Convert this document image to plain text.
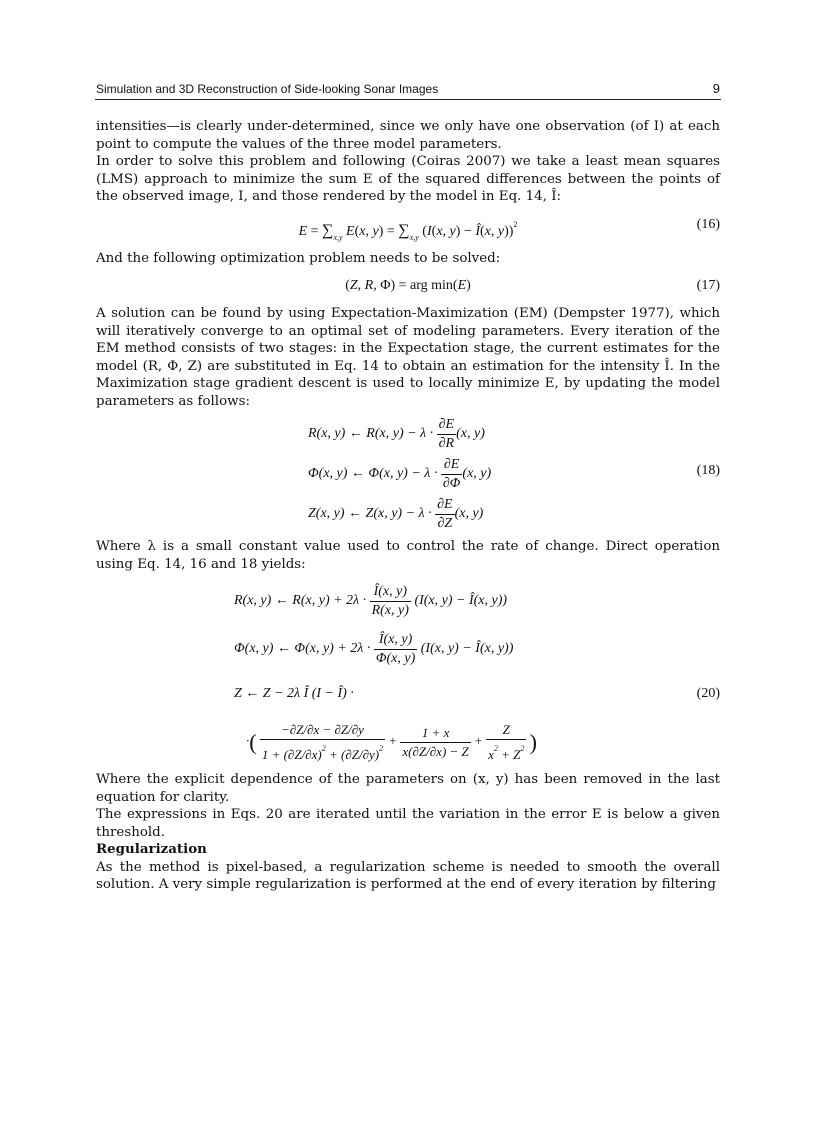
Simulation and 3D Reconstruction of Side-looking Sonar Images	9

intensities—is clearly under-determined, since we only have one observation (of I) at each point to compute the values of the three model parameters.

In order to solve this problem and following (Coiras 2007) we take a least mean squares (LMS) approach to minimize the sum E of the squared differences between the points of the observed image, I, and those rendered by the model in Eq. 14, Î:

$E = \sum_{x,y}$ E(x, $y) = \sum_{x,y}$ (I(x, y) − Î(x, y))$^2$	(16)

And the following optimization problem needs to be solved:

(Z, R, Φ) = arg min(E)	(17)

A solution can be found by using Expectation-Maximization (EM) (Dempster 1977), which will iteratively converge to an optimal set of modeling parameters. Every iteration of the EM method consists of two stages: in the Expectation stage, the current estimates for the model (R, Φ, Z) are substituted in Eq. 14 to obtain an estimation for the intensity Î. In the Maximization stage gradient descent is used to locally minimize E, by updating the model parameters as follows:

R(x, y) ← R(x, $y) - \lambda \cdot \frac{\partial E}{\partial R} (x$, y)
Φ(x, y) ← Φ(x, $y) - \lambda \cdot \frac{\partial E}{\partial\Phi} (x$, y)
Z(x, y) ← Z(x, $y) - \lambda \cdot \frac{\partial E}{\partial Z} (x$, y)
(18)

Where λ is a small constant value used to control the rate of change. Direct operation using Eq. 14, 16 and 18 yields:

R(x, y) ← R(x, $y) + 2\lambda \cdot \frac{Î(x, y)}{R(x, y)} (I(x$, y) − Î(x, y))
Φ(x, y) ← Φ(x, $y) + 2\lambda \cdot \frac{Î(x, y)}{\Phi(x, y)} (I(x$, y) − Î(x, y))
Z ← Z − 2λ Î (I − Î) ·
·( $\frac{-\partial Z/\partial x - \partial Z/\partial y}{1 + (\partial Z/\partial x)^2 + (\partial Z/\partial y)^2} + \frac{1 + x}{x(\partial Z/\partial x) - Z} + \frac{Z}{x^2 + Z^2}$ )
(20)

Where the explicit dependence of the parameters on (x, y) has been removed in the last equation for clarity.

The expressions in Eqs. 20 are iterated until the variation in the error E is below a given threshold.

Regularization

As the method is pixel-based, a regularization scheme is needed to smooth the overall solution. A very simple regularization is performed at the end of every iteration by filtering
